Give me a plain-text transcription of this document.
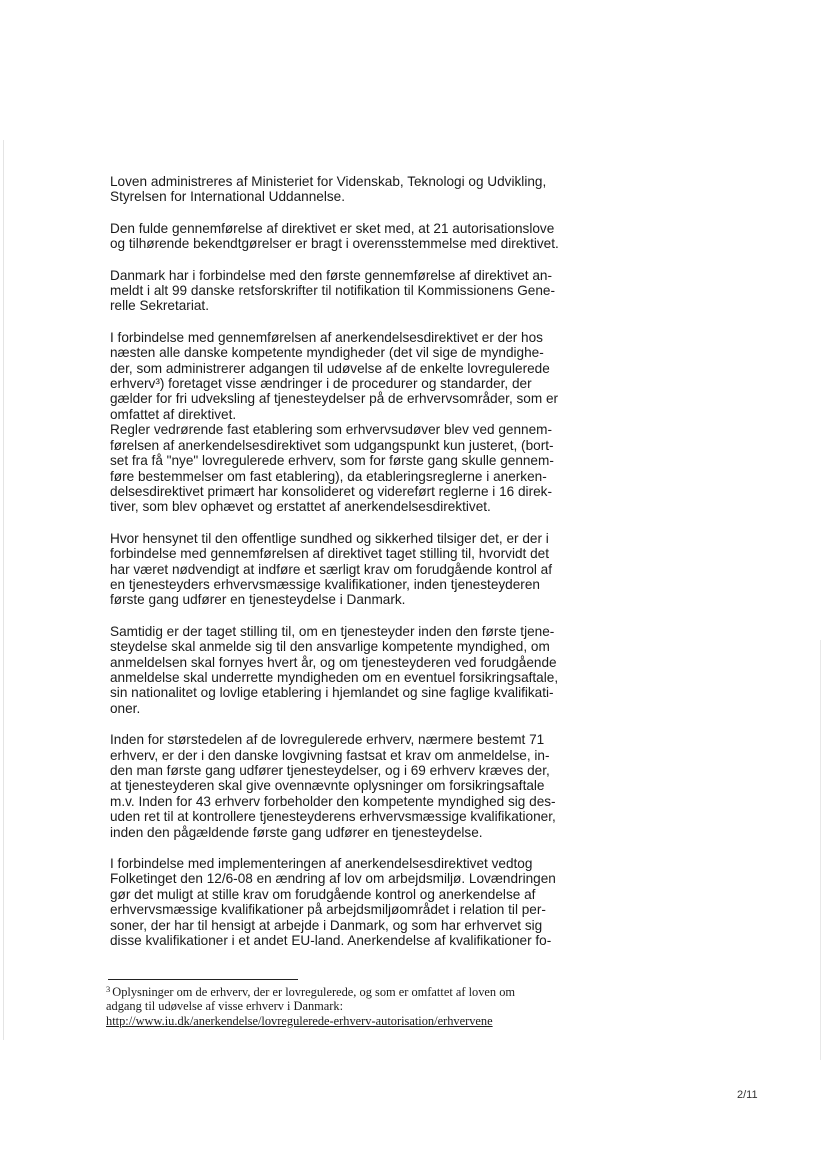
Loven administreres af Ministeriet for Videnskab, Teknologi og Udvikling,
Styrelsen for International Uddannelse.

Den fulde gennemførelse af direktivet er sket med, at 21 autorisationslove
og tilhørende bekendtgørelser er bragt i overensstemmelse med direktivet.

Danmark har i forbindelse med den første gennemførelse af direktivet an-
meldt i alt 99 danske retsforskrifter til notifikation til Kommissionens Gene-
relle Sekretariat.

I forbindelse med gennemførelsen af anerkendelsesdirektivet er der hos
næsten alle danske kompetente myndigheder (det vil sige de myndighe-
der, som administrerer adgangen til udøvelse af de enkelte lovregulerede
erhverv³) foretaget visse ændringer i de procedurer og standarder, der
gælder for fri udveksling af tjenesteydelser på de erhvervsområder, som er
omfattet af direktivet.

Regler vedrørende fast etablering som erhvervsudøver blev ved gennem-
førelsen af anerkendelsesdirektivet som udgangspunkt kun justeret, (bort-
set fra få "nye" lovregulerede erhverv, som for første gang skulle gennem-
føre bestemmelser om fast etablering), da etableringsreglerne i anerken-
delsesdirektivet primært har konsolideret og videreført reglerne i 16 direk-
tiver, som blev ophævet og erstattet af anerkendelsesdirektivet.

Hvor hensynet til den offentlige sundhed og sikkerhed tilsiger det, er der i
forbindelse med gennemførelsen af direktivet taget stilling til, hvorvidt det
har været nødvendigt at indføre et særligt krav om forudgående kontrol af
en tjenesteyders erhvervsmæssige kvalifikationer, inden tjenesteyderen
første gang udfører en tjenesteydelse i Danmark.

Samtidig er der taget stilling til, om en tjenesteyder inden den første tjene-
steydelse skal anmelde sig til den ansvarlige kompetente myndighed, om
anmeldelsen skal fornyes hvert år, og om tjenesteyderen ved forudgående
anmeldelse skal underrette myndigheden om en eventuel forsikringsaftale,
sin nationalitet og lovlige etablering i hjemlandet og sine faglige kvalifikati-
oner.

Inden for størstedelen af de lovregulerede erhverv, nærmere bestemt 71
erhverv, er der i den danske lovgivning fastsat et krav om anmeldelse, in-
den man første gang udfører tjenesteydelser, og i 69 erhverv kræves der,
at tjenesteyderen skal give ovennævnte oplysninger om forsikringsaftale
m.v. Inden for 43 erhverv forbeholder den kompetente myndighed sig des-
uden ret til at kontrollere tjenesteyderens erhvervsmæssige kvalifikationer,
inden den pågældende første gang udfører en tjenesteydelse.

I forbindelse med implementeringen af anerkendelsesdirektivet vedtog
Folketinget den 12/6-08 en ændring af lov om arbejdsmiljø. Lovændringen
gør det muligt at stille krav om forudgående kontrol og anerkendelse af
erhvervsmæssige kvalifikationer på arbejdsmiljøområdet i relation til per-
soner, der har til hensigt at arbejde i Danmark, og som har erhvervet sig
disse kvalifikationer i et andet EU-land. Anerkendelse af kvalifikationer fo-

$^3$ Oplysninger om de erhverv, der er lovregulerede, og som er omfattet af loven om
adgang til udøvelse af visse erhverv i Danmark:
http://www.iu.dk/anerkendelse/lovregulerede-erhverv-autorisation/erhvervene
2/11
